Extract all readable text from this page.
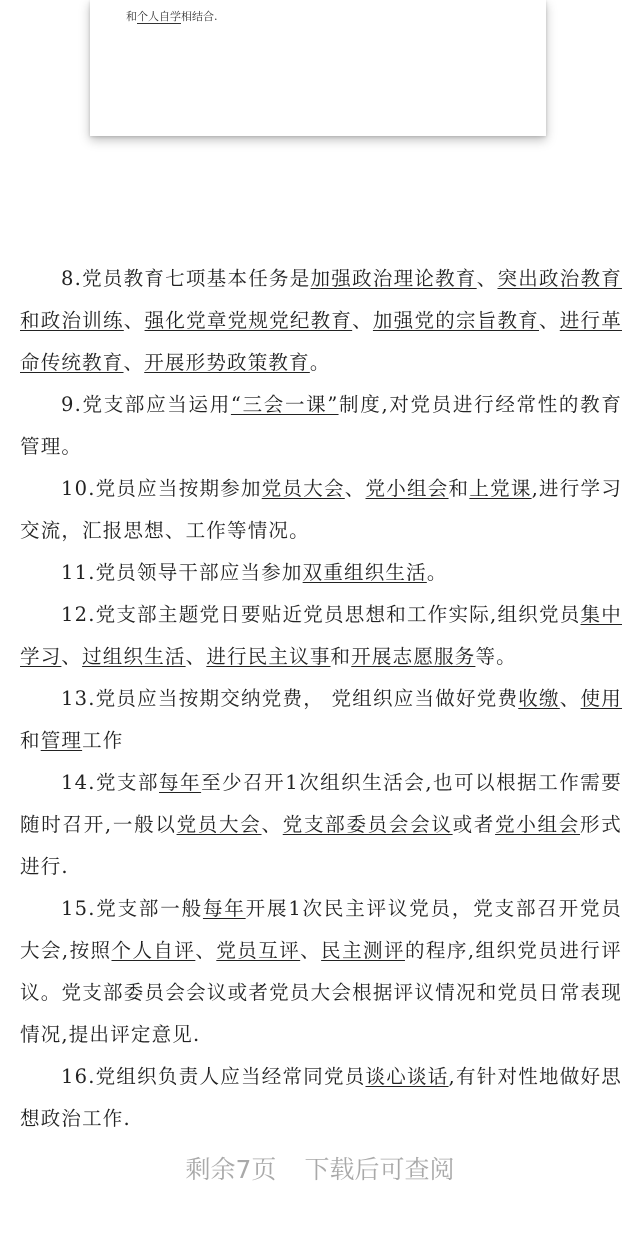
和个人自学相结合.

8.党员教育七项基本任务是加强政治理论教育、突出政治教育和政治训练、强化党章党规党纪教育、加强党的宗旨教育、进行革命传统教育、开展形势政策教育。

9.党支部应当运用“三会一课”制度,对党员进行经常性的教育管理。

10.党员应当按期参加党员大会、党小组会和上党课,进行学习交流，汇报思想、工作等情况。

11.党员领导干部应当参加双重组织生活。

12.党支部主题党日要贴近党员思想和工作实际,组织党员集中学习、过组织生活、进行民主议事和开展志愿服务等。

13.党员应当按期交纳党费， 党组织应当做好党费收缴、使用和管理工作

14.党支部每年至少召开1次组织生活会,也可以根据工作需要随时召开,一般以党员大会、党支部委员会会议或者党小组会形式进行.

15.党支部一般每年开展1次民主评议党员，党支部召开党员大会,按照个人自评、党员互评、民主测评的程序,组织党员进行评议。党支部委员会会议或者党员大会根据评议情况和党员日常表现情况,提出评定意见.

16.党组织负责人应当经常同党员谈心谈话,有针对性地做好思想政治工作.

剩余7页 下载后可查阅
